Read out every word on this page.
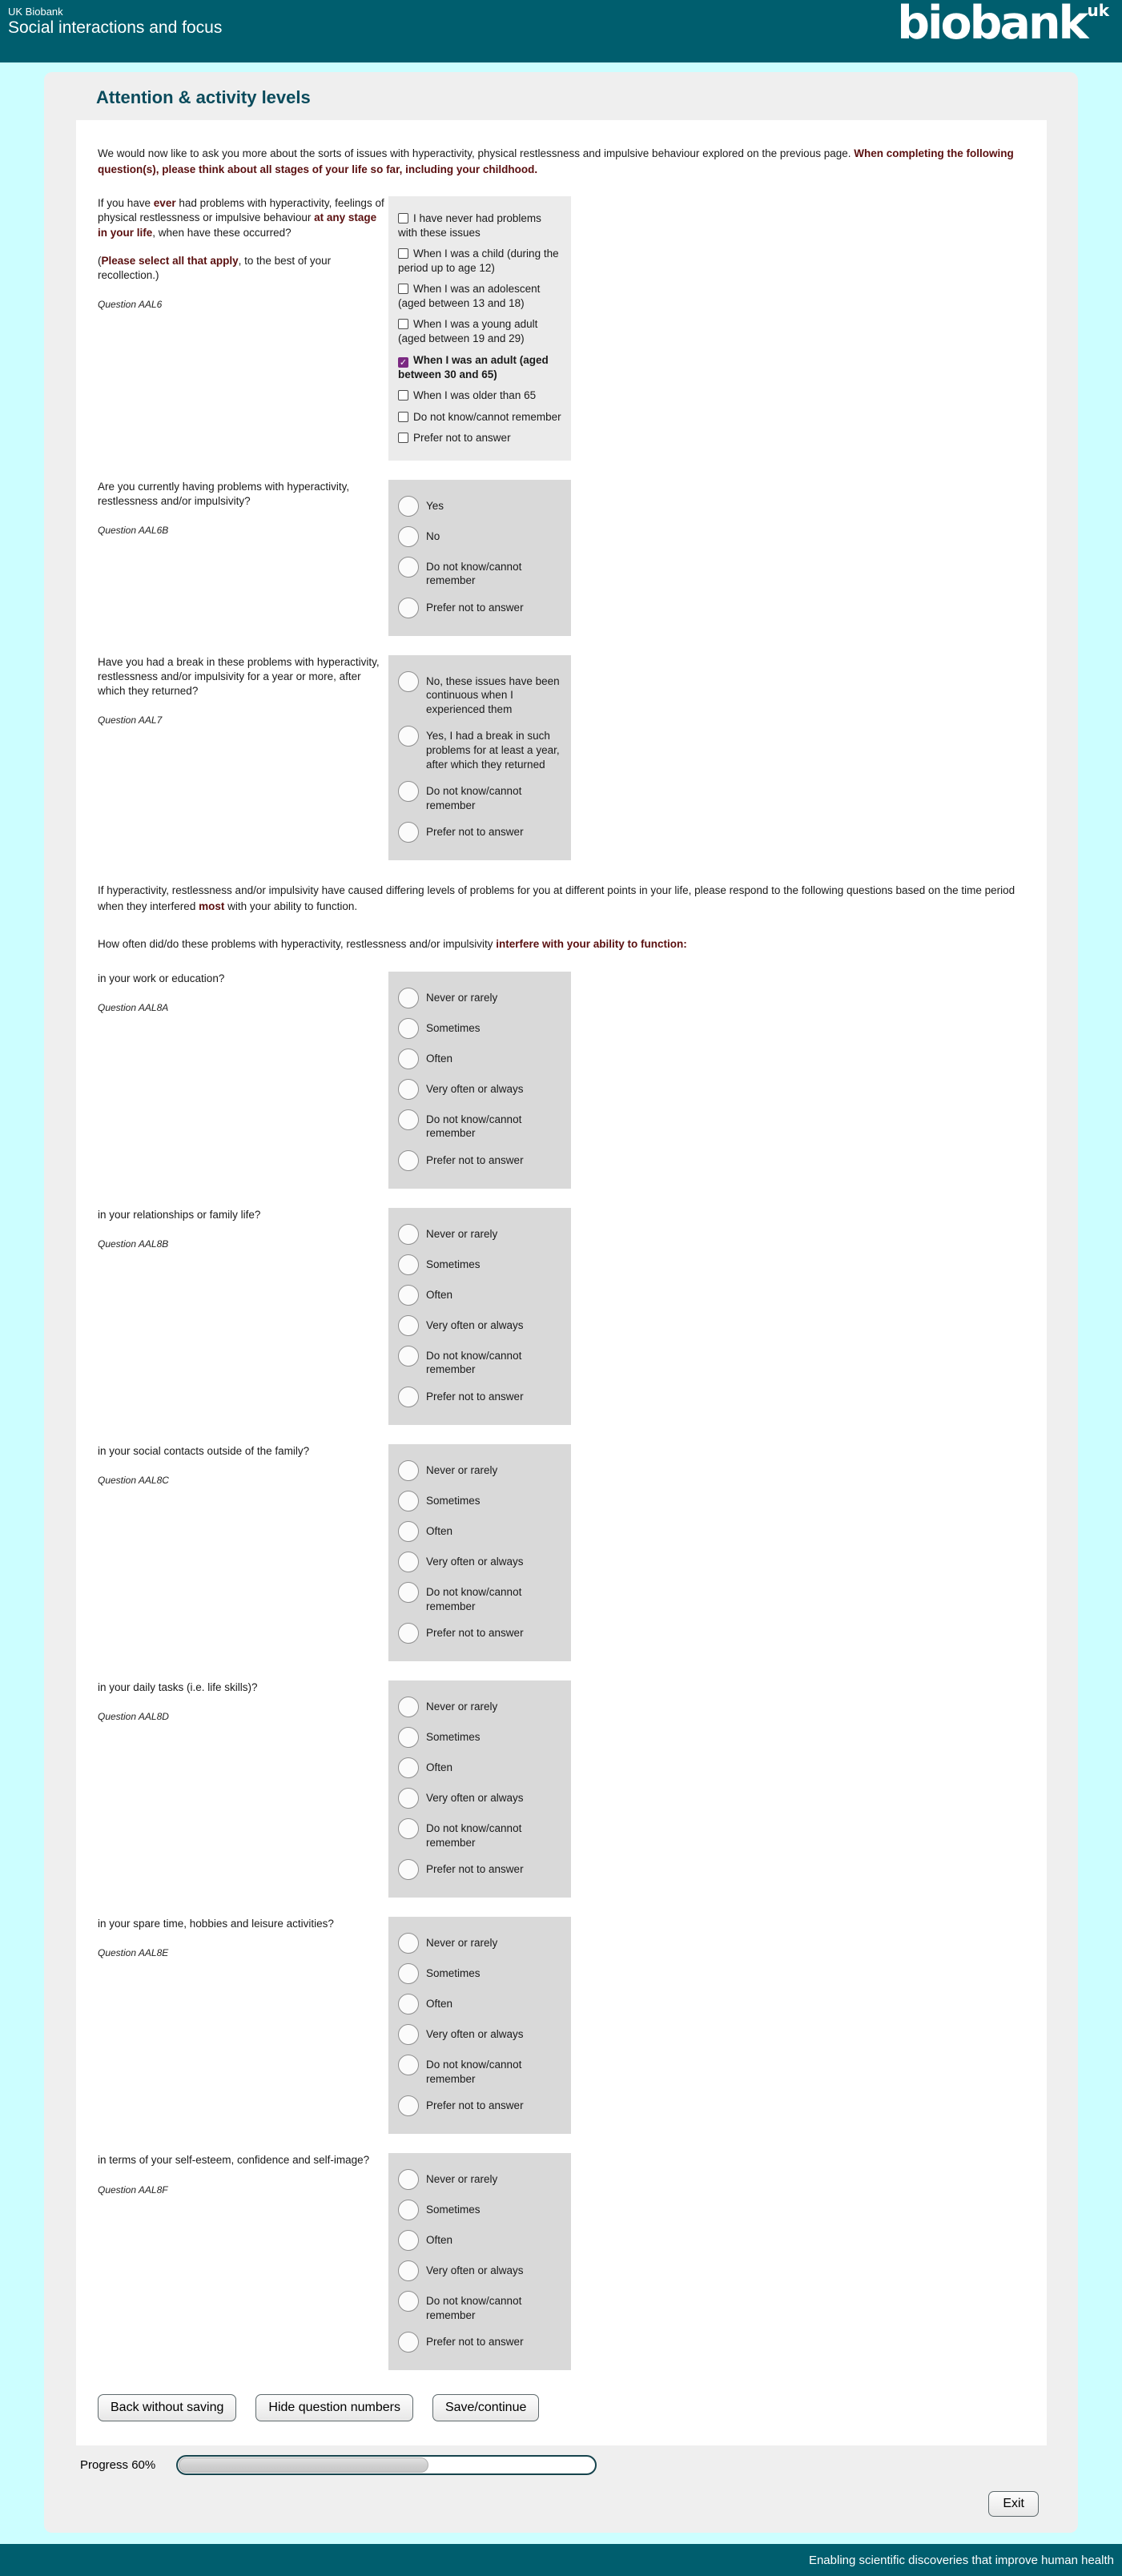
UK Biobank
Social interactions and focus	biobank$^{uk}$
Attention & activity levels
We would now like to ask you more about the sorts of issues with hyperactivity, physical restlessness and impulsive behaviour explored on the previous page. When completing the following question(s), please think about all stages of your life so far, including your childhood.
If you have ever had problems with hyperactivity, feelings of physical restlessness or impulsive behaviour at any stage in your life, when have these occurred?
(Please select all that apply, to the best of your recollection.)
Question AAL6
I have never had problems with these issues
When I was a child (during the period up to age 12)
When I was an adolescent (aged between 13 and 18)
When I was a young adult (aged between 19 and 29)
✓When I was an adult (aged between 30 and 65)
When I was older than 65
Do not know/cannot remember
Prefer not to answer
Are you currently having problems with hyperactivity, restlessness and/or impulsivity?
Question AAL6B
Yes
No
Do not know/cannot remember
Prefer not to answer
Have you had a break in these problems with hyperactivity, restlessness and/or impulsivity for a year or more, after which they returned?
Question AAL7
No, these issues have been continuous when I experienced them
Yes, I had a break in such problems for at least a year, after which they returned
Do not know/cannot remember
Prefer not to answer
If hyperactivity, restlessness and/or impulsivity have caused differing levels of problems for you at different points in your life, please respond to the following questions based on the time period when they interfered most with your ability to function.
How often did/do these problems with hyperactivity, restlessness and/or impulsivity interfere with your ability to function:
in your work or education?
Question AAL8A
Never or rarely
Sometimes
Often
Very often or always
Do not know/cannot remember
Prefer not to answer
in your relationships or family life?
Question AAL8B
Never or rarely
Sometimes
Often
Very often or always
Do not know/cannot remember
Prefer not to answer
in your social contacts outside of the family?
Question AAL8C
Never or rarely
Sometimes
Often
Very often or always
Do not know/cannot remember
Prefer not to answer
in your daily tasks (i.e. life skills)?
Question AAL8D
Never or rarely
Sometimes
Often
Very often or always
Do not know/cannot remember
Prefer not to answer
in your spare time, hobbies and leisure activities?
Question AAL8E
Never or rarely
Sometimes
Often
Very often or always
Do not know/cannot remember
Prefer not to answer
in terms of your self-esteem, confidence and self-image?
Question AAL8F
Never or rarely
Sometimes
Often
Very often or always
Do not know/cannot remember
Prefer not to answer
Back without saving	Hide question numbers	Save/continue
Progress 60%
Exit
Enabling scientific discoveries that improve human health
